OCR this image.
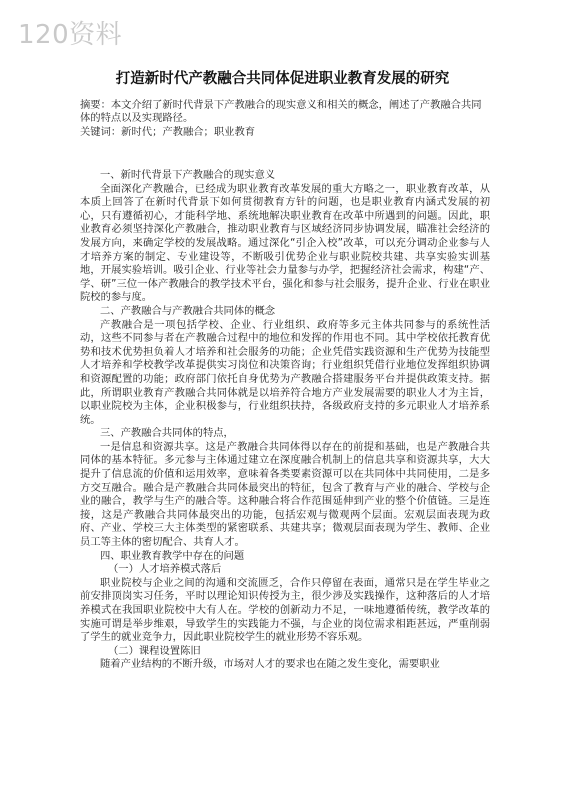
120资料
打造新时代产教融合共同体促进职业教育发展的研究
摘要：本文介绍了新时代背景下产教融合的现实意义和相关的概念，阐述了产教融合共同体的特点以及实现路径。
关键词：新时代；产教融合；职业教育

一、新时代背景下产教融合的现实意义

全面深化产教融合，已经成为职业教育改革发展的重大方略之一，职业教育改革，从本质上回答了在新时代背景下如何贯彻教育方针的问题，也是职业教育内涵式发展的初心，只有遵循初心，才能科学地、系统地解决职业教育在改革中所遇到的问题。因此，职业教育必须坚持深化产教融合，推动职业教育与区域经济同步协调发展，瞄准社会经济的发展方向，来确定学校的发展战略。通过深化“引企入校”改革，可以充分调动企业参与人才培养方案的制定、专业建设等，不断吸引优势企业与职业院校共建、共享实验实训基地，开展实验培训。吸引企业、行业等社会力量参与办学，把握经济社会需求，构建“产、学、研”三位一体产教融合的教学技术平台，强化和参与社会服务，提升企业、行业在职业院校的参与度。

二、产教融合与产教融合共同体的概念

产教融合是一项包括学校、企业、行业组织、政府等多元主体共同参与的系统性活动，这些不同参与者在产教融合过程中的地位和发挥的作用也不同。其中学校依托教育优势和技术优势担负着人才培养和社会服务的功能；企业凭借实践资源和生产优势为技能型人才培养和学校教学改革提供实习岗位和决策咨询；行业组织凭借行业地位发挥组织协调和资源配置的功能；政府部门依托自身优势为产教融合搭建服务平台并提供政策支持。据此，所谓职业教育产教融合共同体就是以培养符合地方产业发展需要的职业人才为主旨，以职业院校为主体，企业积极参与，行业组织扶持，各级政府支持的多元职业人才培养系统。

三、产教融合共同体的特点，

一是信息和资源共享。这是产教融合共同体得以存在的前提和基础，也是产教融合共同体的基本特征。多元参与主体通过建立在深度融合机制上的信息共享和资源共享，大大提升了信息流的价值和运用效率，意味着各类要素资源可以在共同体中共同使用，二是多方交互融合。融合是产教融合共同体最突出的特征，包含了教育与产业的融合、学校与企业的融合，教学与生产的融合等。这种融合将合作范围延伸到产业的整个价值链。三是连接，这是产教融合共同体最突出的功能，包括宏观与微观两个层面。宏观层面表现为政府、产业、学校三大主体类型的紧密联系、共建共享；微观层面表现为学生、教师、企业员工等主体的密切配合、共育人才。

四、职业教育教学中存在的问题

（一）人才培养模式落后

职业院校与企业之间的沟通和交流匮乏，合作只停留在表面，通常只是在学生毕业之前安排顶岗实习任务，平时以理论知识传授为主，很少涉及实践操作，这种落后的人才培养模式在我国职业院校中大有人在。学校的创新动力不足，一味地遵循传统，教学改革的实施可谓是举步维艰，导致学生的实践能力不强，与企业的岗位需求相距甚远，严重削弱了学生的就业竞争力，因此职业院校学生的就业形势不容乐观。

（二）课程设置陈旧

随着产业结构的不断升级，市场对人才的要求也在随之发生变化，需要职业
